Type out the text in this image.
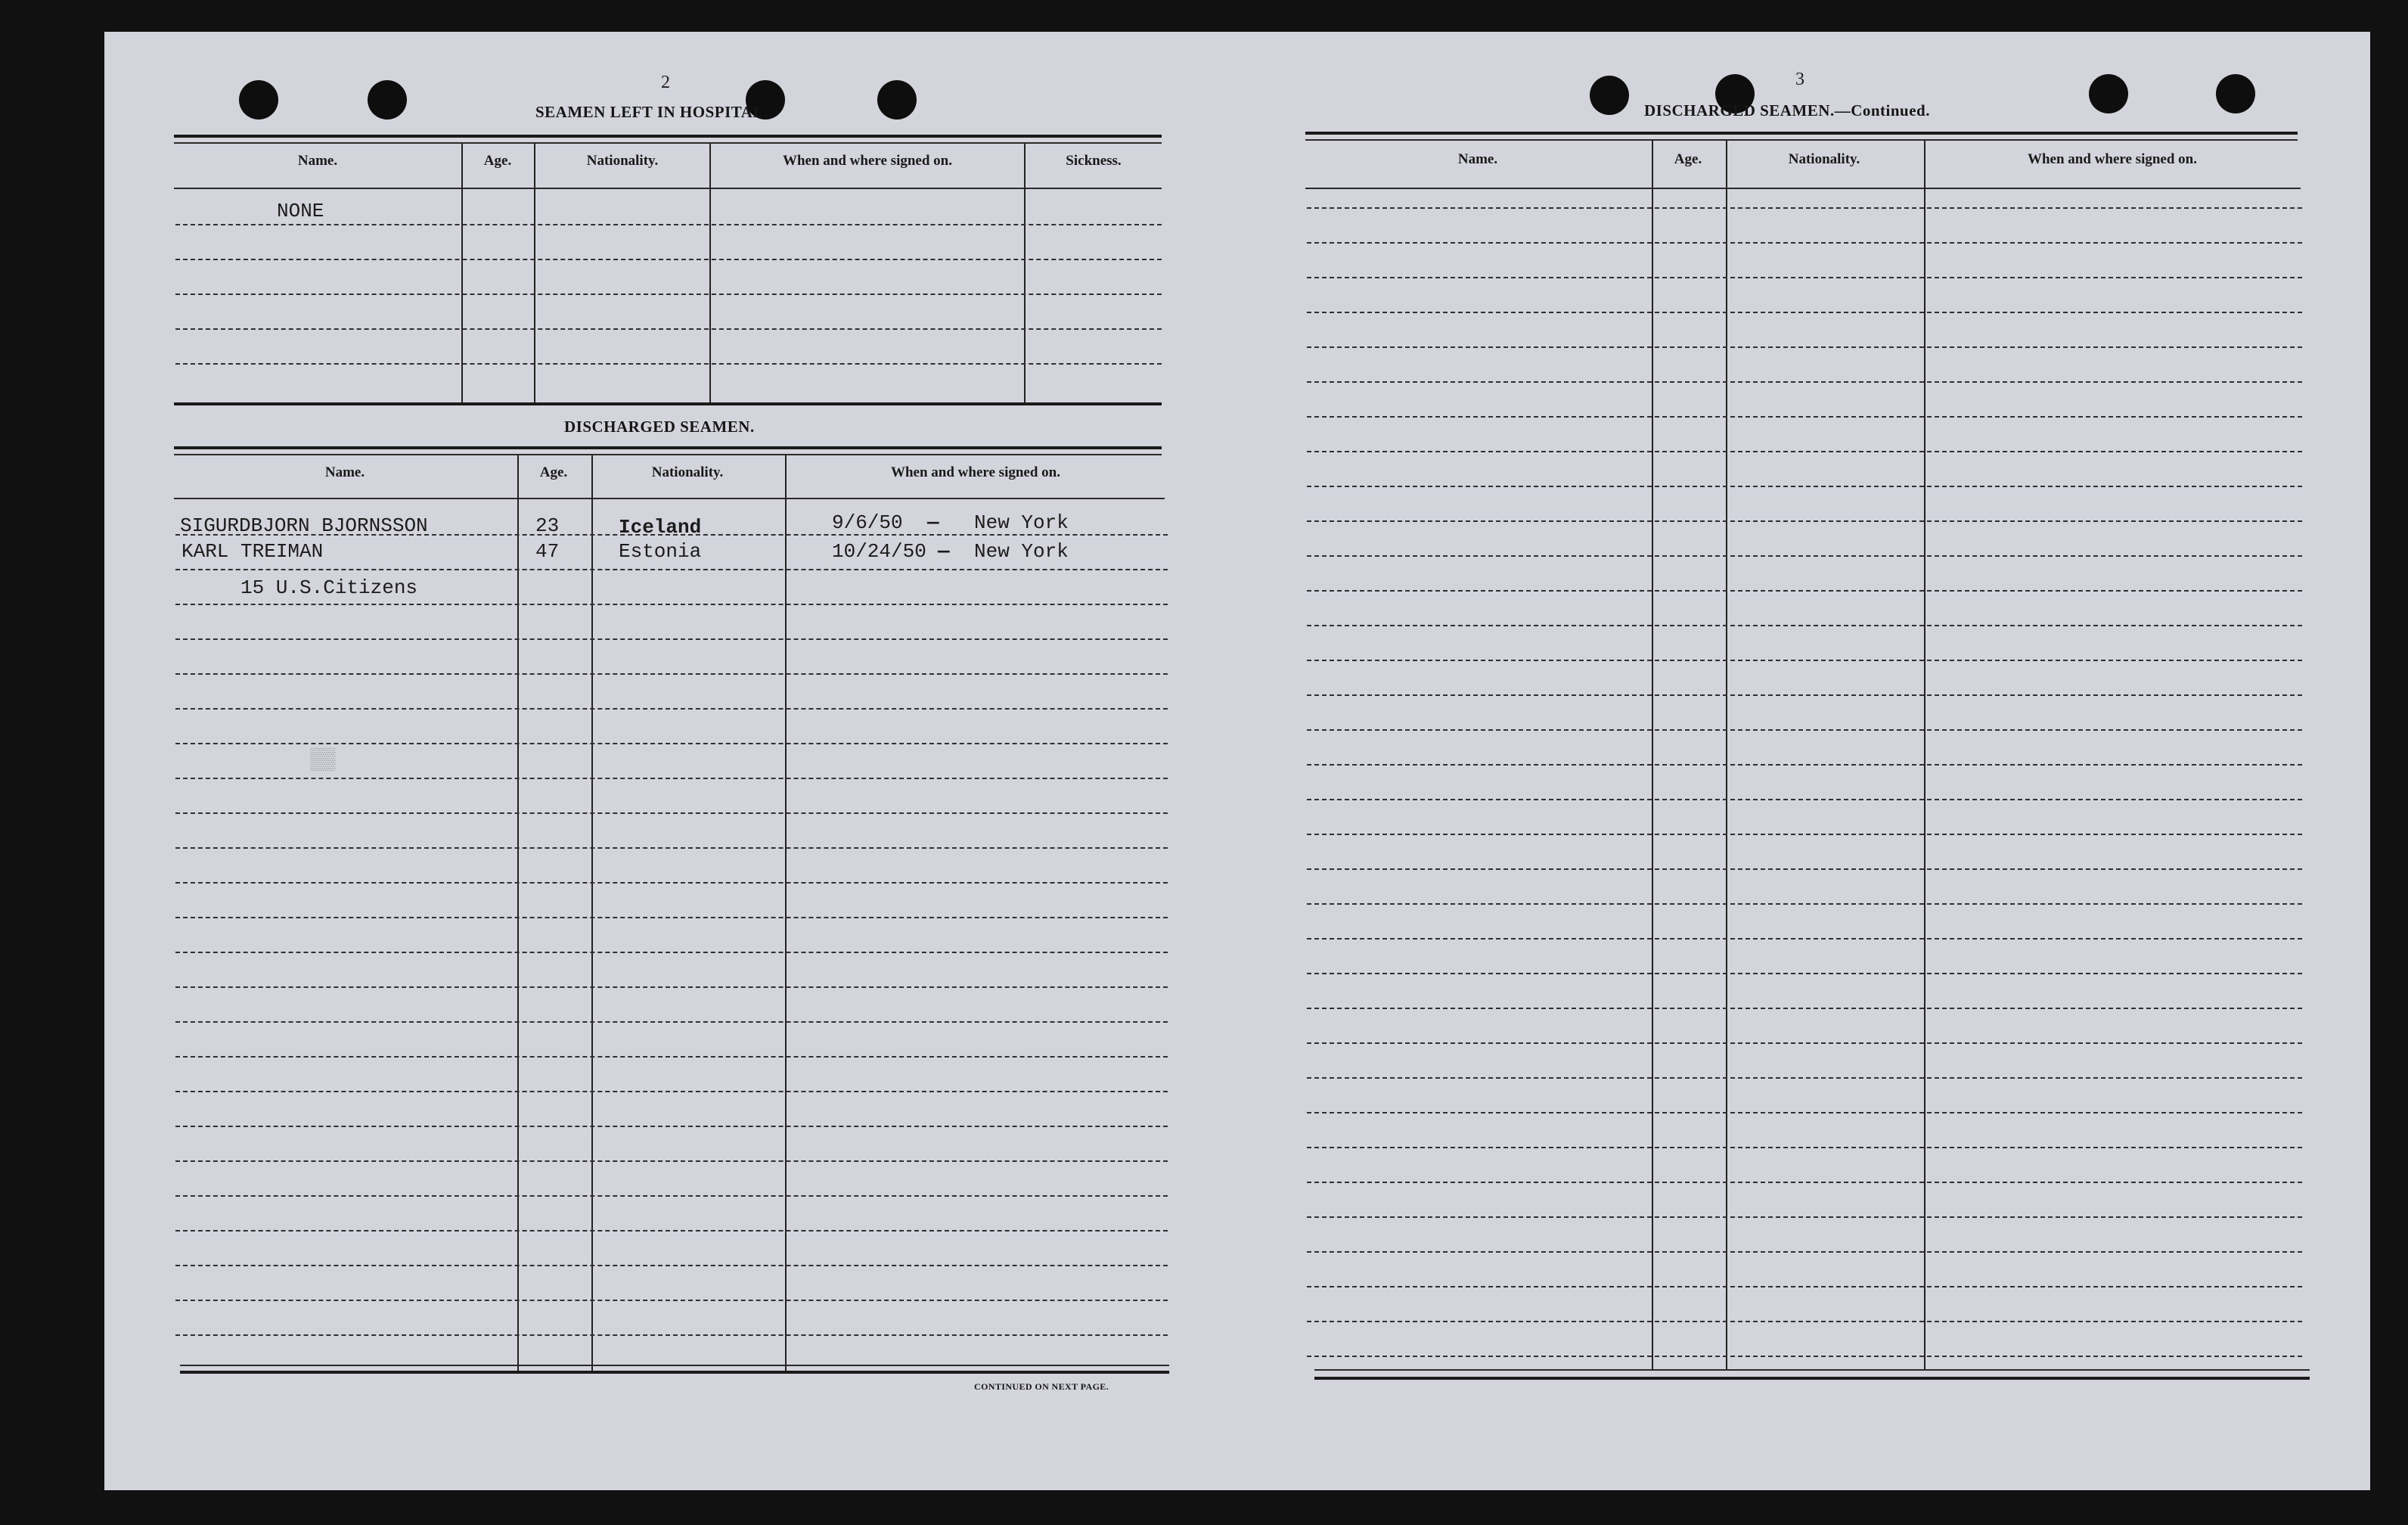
2
SEAMEN LEFT IN HOSPITAL.
Name.	Age.	Nationality.	When and where signed on.	Sickness.
NONE
DISCHARGED SEAMEN.
Name.	Age.	Nationality.	When and where signed on.
SIGURDBJORN BJORNSSON	23	Iceland	9/6/50 — New York
KARL TREIMAN	47	Estonia	10/24/50 — New York
15 U.S.Citizens
▒▒
CONTINUED ON NEXT PAGE.
3
DISCHARGED SEAMEN.—Continued.
Name.	Age.	Nationality.	When and where signed on.
